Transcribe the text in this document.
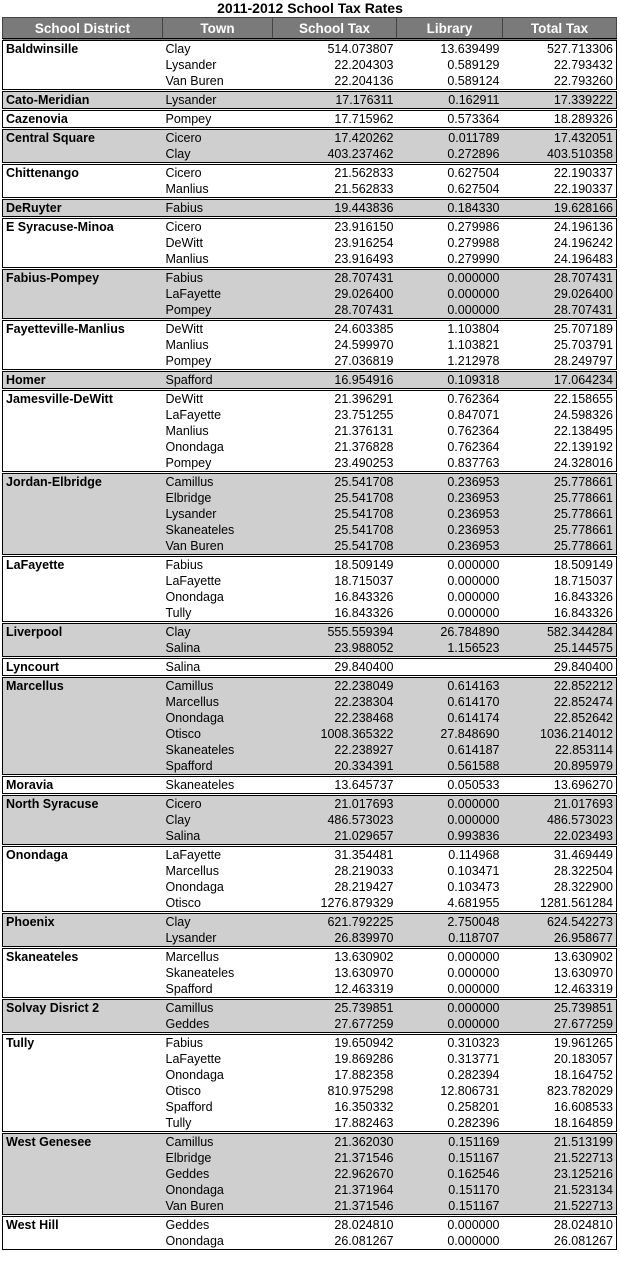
2011-2012 School Tax Rates
School District	Town	School Tax	Library	Total Tax
Baldwinsille	Clay	514.073807	13.639499	527.713306
	Lysander	22.204303	0.589129	22.793432
	Van Buren	22.204136	0.589124	22.793260
Cato-Meridian	Lysander	17.176311	0.162911	17.339222
Cazenovia	Pompey	17.715962	0.573364	18.289326
Central Square	Cicero	17.420262	0.011789	17.432051
	Clay	403.237462	0.272896	403.510358
Chittenango	Cicero	21.562833	0.627504	22.190337
	Manlius	21.562833	0.627504	22.190337
DeRuyter	Fabius	19.443836	0.184330	19.628166
E Syracuse-Minoa	Cicero	23.916150	0.279986	24.196136
	DeWitt	23.916254	0.279988	24.196242
	Manlius	23.916493	0.279990	24.196483
Fabius-Pompey	Fabius	28.707431	0.000000	28.707431
	LaFayette	29.026400	0.000000	29.026400
	Pompey	28.707431	0.000000	28.707431
Fayetteville-Manlius	DeWitt	24.603385	1.103804	25.707189
	Manlius	24.599970	1.103821	25.703791
	Pompey	27.036819	1.212978	28.249797
Homer	Spafford	16.954916	0.109318	17.064234
Jamesville-DeWitt	DeWitt	21.396291	0.762364	22.158655
	LaFayette	23.751255	0.847071	24.598326
	Manlius	21.376131	0.762364	22.138495
	Onondaga	21.376828	0.762364	22.139192
	Pompey	23.490253	0.837763	24.328016
Jordan-Elbridge	Camillus	25.541708	0.236953	25.778661
	Elbridge	25.541708	0.236953	25.778661
	Lysander	25.541708	0.236953	25.778661
	Skaneateles	25.541708	0.236953	25.778661
	Van Buren	25.541708	0.236953	25.778661
LaFayette	Fabius	18.509149	0.000000	18.509149
	LaFayette	18.715037	0.000000	18.715037
	Onondaga	16.843326	0.000000	16.843326
	Tully	16.843326	0.000000	16.843326
Liverpool	Clay	555.559394	26.784890	582.344284
	Salina	23.988052	1.156523	25.144575
Lyncourt	Salina	29.840400		29.840400
Marcellus	Camillus	22.238049	0.614163	22.852212
	Marcellus	22.238304	0.614170	22.852474
	Onondaga	22.238468	0.614174	22.852642
	Otisco	1008.365322	27.848690	1036.214012
	Skaneateles	22.238927	0.614187	22.853114
	Spafford	20.334391	0.561588	20.895979
Moravia	Skaneateles	13.645737	0.050533	13.696270
North Syracuse	Cicero	21.017693	0.000000	21.017693
	Clay	486.573023	0.000000	486.573023
	Salina	21.029657	0.993836	22.023493
Onondaga	LaFayette	31.354481	0.114968	31.469449
	Marcellus	28.219033	0.103471	28.322504
	Onondaga	28.219427	0.103473	28.322900
	Otisco	1276.879329	4.681955	1281.561284
Phoenix	Clay	621.792225	2.750048	624.542273
	Lysander	26.839970	0.118707	26.958677
Skaneateles	Marcellus	13.630902	0.000000	13.630902
	Skaneateles	13.630970	0.000000	13.630970
	Spafford	12.463319	0.000000	12.463319
Solvay Disrict 2	Camillus	25.739851	0.000000	25.739851
	Geddes	27.677259	0.000000	27.677259
Tully	Fabius	19.650942	0.310323	19.961265
	LaFayette	19.869286	0.313771	20.183057
	Onondaga	17.882358	0.282394	18.164752
	Otisco	810.975298	12.806731	823.782029
	Spafford	16.350332	0.258201	16.608533
	Tully	17.882463	0.282396	18.164859
West Genesee	Camillus	21.362030	0.151169	21.513199
	Elbridge	21.371546	0.151167	21.522713
	Geddes	22.962670	0.162546	23.125216
	Onondaga	21.371964	0.151170	21.523134
	Van Buren	21.371546	0.151167	21.522713
West Hill	Geddes	28.024810	0.000000	28.024810
	Onondaga	26.081267	0.000000	26.081267
